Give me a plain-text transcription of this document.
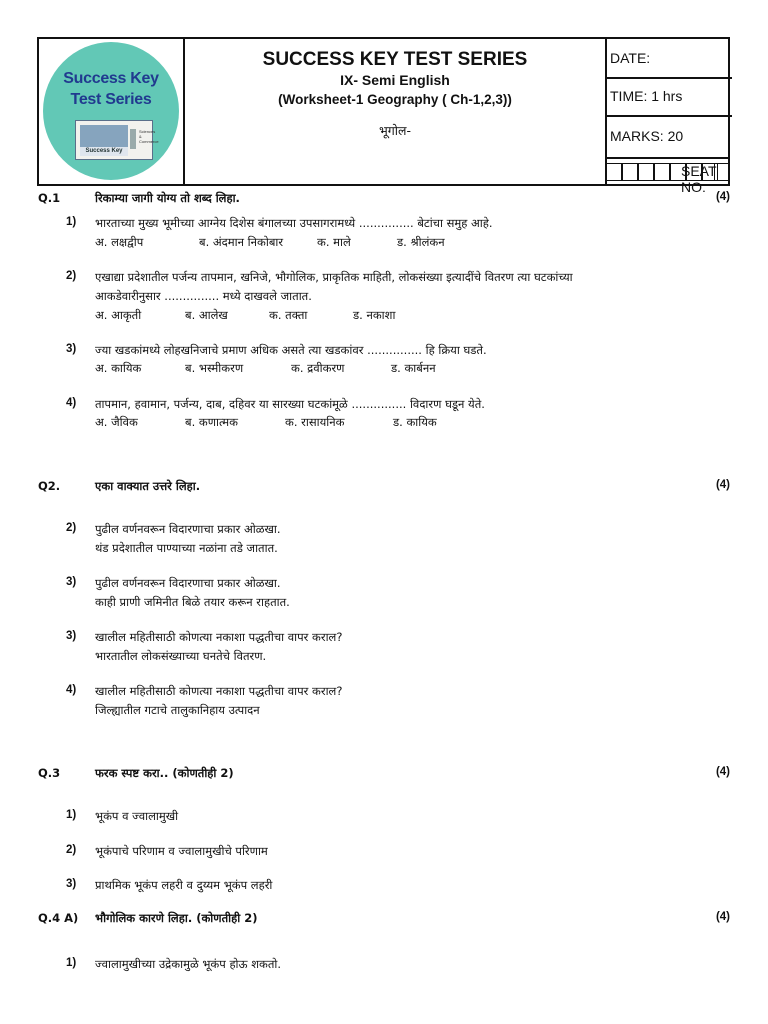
Success Key
Test Series
Success Key
Sciences & Commerce
SUCCESS KEY TEST SERIES
IX- Semi English
(Worksheet-1 Geography ( Ch-1,2,3))
भूगोल-
SEAT NO:
DATE:
TIME: 1 hrs
MARKS: 20
Q.1	रिकाम्या जागी योग्य तो शब्द लिहा.	(4)
1)	भारताच्या मुख्य भूमीच्या आग्नेय दिशेस बंगालच्या उपसागरामध्ये ............... बेटांचा समुह आहे.
अ. लक्षद्वीप	ब. अंदमान निकोबार	क. माले	ड. श्रीलंकन
2)	एखाद्या प्रदेशातील पर्जन्य तापमान, खनिजे, भौगोलिक, प्राकृतिक माहिती, लोकसंख्या इत्यादींचे वितरण त्या घटकांच्या
आकडेवारीनुसार ............... मध्ये दाखवले जातात.
अ. आकृती	ब. आलेख	क. तक्ता	ड. नकाशा
3)	ज्या खडकांमध्ये लोहखनिजाचे प्रमाण अधिक असते त्या खडकांवर ............... हि क्रिया घडते.
अ. कायिक	ब. भस्मीकरण	क. द्रवीकरण	ड. कार्बनन
4)	तापमान, हवामान, पर्जन्य, दाब, दहिवर या सारख्या घटकांमूळे ............... विदारण घडून येते.
अ. जैविक	ब. कणात्मक	क. रासायनिक	ड. कायिक
Q2.	एका वाक्यात उत्तरे लिहा.	(4)
2)	पुढील वर्णनवरून विदारणाचा प्रकार ओळखा.
थंड प्रदेशातील पाण्याच्या नळांना तडे जातात.
3)	पुढील वर्णनवरून विदारणाचा प्रकार ओळखा.
काही प्राणी जमिनीत बिळे तयार करून राहतात.
3)	खालील महितीसाठी कोणत्या नकाशा पद्धतीचा वापर कराल?
भारतातील लोकसंख्याच्या घनतेचे वितरण.
4)	खालील महितीसाठी कोणत्या नकाशा पद्धतीचा वापर कराल?
जिल्ह्यातील गटाचे तालुकानिहाय उत्पादन
Q.3	फरक स्पष्ट करा.. (कोणतीही 2)	(4)
1)	भूकंप व ज्वालामुखी
2)	भूकंपाचे परिणाम व ज्वालामुखीचे परिणाम
3)	प्राथमिक भूकंप लहरी व दुय्यम भूकंप लहरी
Q.4 A) भौगोलिक कारणे लिहा. (कोणतीही 2)	(4)
1)	ज्वालामुखीच्या उद्रेकामुळे भूकंप होऊ शकतो.
